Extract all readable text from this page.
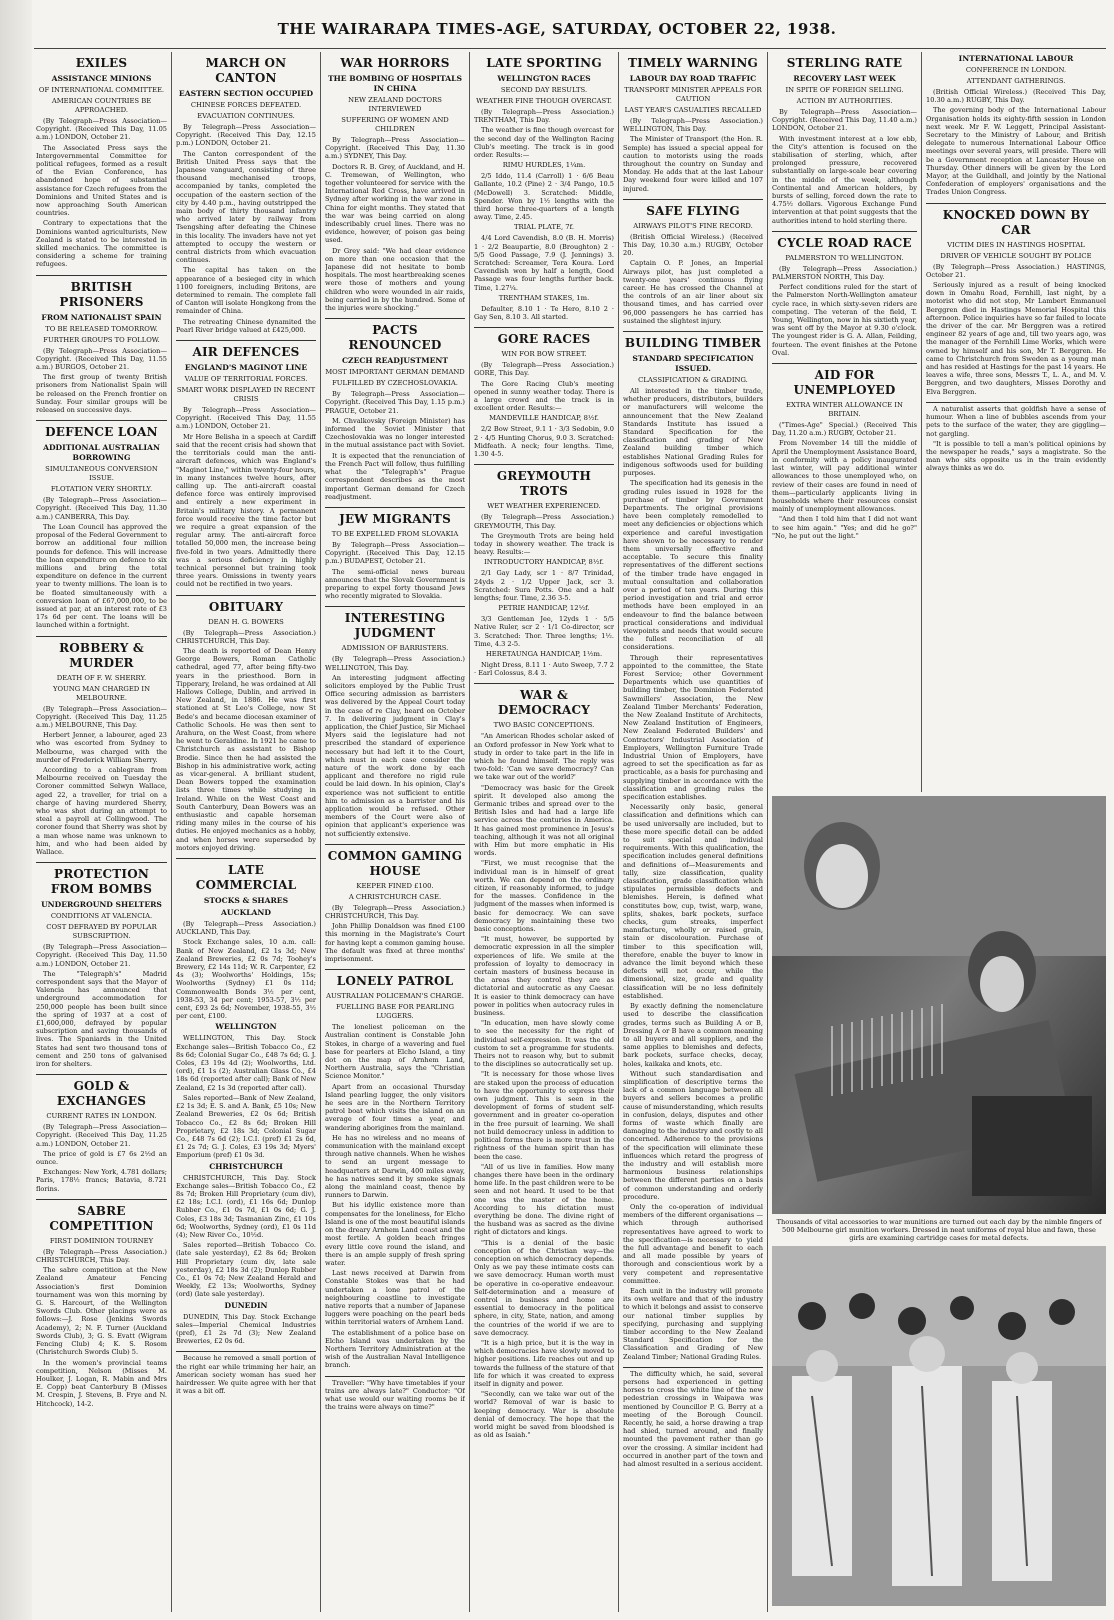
THE WAIRARAPA TIMES-AGE, SATURDAY, OCTOBER 22, 1938.
EXILES
ASSISTANCE MINIONS
OF INTERNATIONAL COMMITTEE.
AMERICAN COUNTRIES BE APPROACHED.

(By Telegraph—Press Association—Copyright. (Received This Day, 11.05 a.m.) LONDON, October 21.

The Associated Press says the Intergovernmental Committee for political refugees, formed as a result of the Evian Conference, has abandoned hope of substantial assistance for Czech refugees from the Dominions and United States and is now approaching South American countries.

Contrary to expectations that the Dominions wanted agriculturists, New Zealand is stated to be interested in skilled mechanics. The committee is considering a scheme for training refugees.

BRITISH PRISONERS
FROM NATIONALIST SPAIN
TO BE RELEASED TOMORROW.
FURTHER GROUPS TO FOLLOW.

(By Telegraph—Press Association—Copyright. (Received This Day, 11.55 a.m.) BURGOS, October 21.

The first group of twenty British prisoners from Nationalist Spain will be released on the French frontier on Sunday. Four similar groups will be released on successive days.

DEFENCE LOAN
ADDITIONAL AUSTRALIAN BORROWING
SIMULTANEOUS CONVERSION ISSUE.
FLOTATION VERY SHORTLY.

(By Telegraph—Press Association—Copyright. (Received This Day, 11.30 a.m.) CANBERRA, This Day.

The Loan Council has approved the proposal of the Federal Government to borrow an additional four million pounds for defence. This will increase the loan expenditure on defence to six millions and bring the total expenditure on defence in the current year to twenty millions. The loan is to be floated simultaneously with a conversion loan of £67,000,000, to be issued at par, at an interest rate of £3 17s 6d per cent. The loans will be launched within a fortnight.

ROBBERY & MURDER
DEATH OF F. W. SHERRY.
YOUNG MAN CHARGED IN MELBOURNE.

(By Telegraph—Press Association—Copyright. (Received This Day, 11.25 a.m.) MELBOURNE, This Day.

Herbert Jenner, a labourer, aged 23 who was escorted from Sydney to Melbourne, was charged with the murder of Frederick William Sherry.

According to a cablegram from Melbourne received on Tuesday the Coroner committed Selwyn Wallace, aged 22, a traveller, for trial on a charge of having murdered Sherry, who was shot during an attempt to steal a payroll at Collingwood. The coroner found that Sherry was shot by a man whose name was unknown to him, and who had been aided by Wallace.

PROTECTION FROM BOMBS
UNDERGROUND SHELTERS
CONDITIONS AT VALENCIA.
COST DEFRAYED BY POPULAR SUBSCRIPTION.

(By Telegraph—Press Association—Copyright. (Received This Day, 11.50 a.m.) LONDON, October 21.

The "Telegraph's" Madrid correspondent says that the Mayor of Valencia has announced that underground accommodation for 250,000 people has been built since the spring of 1937 at a cost of £1,600,000, defrayed by popular subscription and saving thousands of lives. The Spaniards in the United States had sent two thousand tons of cement and 250 tons of galvanised iron for shelters.

GOLD & EXCHANGES
CURRENT RATES IN LONDON.

(By Telegraph—Press Association—Copyright. (Received This Day, 11.25 a.m.) LONDON, October 21.

The price of gold is £7 6s 2½d an ounce.

Exchanges: New York, 4.781 dollars; Paris, 178½ francs; Batavia, 8.721 florins.

SABRE COMPETITION
FIRST DOMINION TOURNEY

(By Telegraph—Press Association.) CHRISTCHURCH, This Day.

The sabre competition at the New Zealand Amateur Fencing Association's first Dominion tournament was won this morning by G. S. Harcourt, of the Wellington Swords Club. Other placings were as follows:—J. Rose (Jenkins Swords Academy), 2; N. F. Turner (Auckland Swords Club), 3; G. S. Evatt (Wigram Fencing Club) 4; K. S. Rosom (Christchurch Swords Club) 5.

In the women's provincial teams competition, Nelson (Misses M. Houlker, J. Logan, R. Mabin and Mrs E. Copp) beat Canterbury B (Misses M. Crespin, J. Stevens, B. Frye and N. Hitchcock), 14-2.

MARCH ON CANTON
EASTERN SECTION OCCUPIED
CHINESE FORCES DEFEATED.
EVACUATION CONTINUES.

By Telegraph—Press Association—Copyright. (Received This Day, 12.15 p.m.) LONDON, October 21.

The Canton correspondent of the British United Press says that the Japanese vanguard, consisting of three thousand mechanised troops, accompanied by tanks, completed the occupation of the eastern section of the city by 4.40 p.m., having outstripped the main body of thirty thousand infantry who arrived later by railway from Tsengshing after defeating the Chinese in this locality. The invaders have not yet attempted to occupy the western or central districts from which evacuation continues.

The capital has taken on the appearance of a besieged city in which 1100 foreigners, including Britons, are determined to remain. The complete fall of Canton will isolate Hongkong from the remainder of China.

The retreating Chinese dynamited the Pearl River bridge valued at £425,000.

AIR DEFENCES
ENGLAND'S MAGINOT LINE
VALUE OF TERRITORIAL FORCES.
SMART WORK DISPLAYED IN RECENT CRISIS

By Telegraph—Press Association—Copyright. (Received This Day, 11.55 a.m.) LONDON, October 21.

Mr Hore Belisha in a speech at Cardiff said that the recent crisis had shown that the territorials could man the anti-aircraft defences, which was England's "Maginot Line," within twenty-four hours, in many instances twelve hours, after calling up. The anti-aircraft coastal defence force was entirely improvised and entirely a new experiment in Britain's military history. A permanent force would receive the time factor but we require a great expansion of the regular army. The anti-aircraft force totalled 50,000 men, the increase being five-fold in two years. Admittedly there was a serious deficiency in highly technical personnel but training took three years. Omissions in twenty years could not be rectified in two years.

OBITUARY
DEAN H. G. BOWERS

(By Telegraph—Press Association.) CHRISTCHURCH, This Day.

The death is reported of Dean Henry George Bowers, Roman Catholic cathedral, aged 77, after being fifty-two years in the priesthood. Born in Tipperary, Ireland, he was ordained at All Hallows College, Dublin, and arrived in New Zealand, in 1886. He was first stationed at St Leo's College, now St Bede's and became diocesan examiner of Catholic Schools. He was then sent to Arahura, on the West Coast, from where he went to Geraldine. In 1921 he came to Christchurch as assistant to Bishop Brodie. Since then he had assisted the Bishop in his administrative work, acting as vicar-general. A brilliant student, Dean Bowers topped the examination lists three times while studying in Ireland. While on the West Coast and South Canterbury, Dean Bowers was an enthusiastic and capable horseman riding many miles in the course of his duties. He enjoyed mechanics as a hobby, and when horses were superseded by motors enjoyed driving.

LATE COMMERCIAL
STOCKS & SHARES
AUCKLAND

(By Telegraph—Press Association.) AUCKLAND, This Day.

Stock Exchange sales, 10 a.m. call: Bank of New Zealand, £2 1s 3d; New Zealand Breweries, £2 0s 7d; Toohey's Brewery, £2 14s 11d; W. R. Carpenter, £2 4s (3); Woolworths' Holdings, 15s; Woolworths (Sydney) £1 0s 11d; Commonwealth Bonds 3½ per cent, 1938-53, 34 per cent; 1953-57, 3½ per cent, £93 2s 6d; November, 1938-55, 3½ per cent, £100.

WELLINGTON

WELLINGTON, This Day. Stock Exchange sales—British Tobacco Co., £2 8s 6d; Colonial Sugar Co., £48 7s 6d; G. J. Coles, £3 19s 4d (2); Woolworths, Ltd. (ord), £1 1s (2); Australian Glass Co., £4 18s 6d (reported after call); Bank of New Zealand, £2 1s 3d (reported after call).

Sales reported—Bank of New Zealand, £2 1s 3d; E. S. and A. Bank, £5 10s; New Zealand Breweries, £2 0s 6d; British Tobacco Co., £2 8s 6d; Broken Hill Proprietary, £2 18s 3d; Colonial Sugar Co., £48 7s 6d (2); I.C.I. (pref) £1 2s 6d, £1 2s 7d; G. J. Coles, £3 19s 3d; Myers' Emporium (pref) £1 0s 3d.

CHRISTCHURCH

CHRISTCHURCH, This Day. Stock Exchange sales—British Tobacco Co., £2 8s 7d; Broken Hill Proprietary (cum div), £2 18s; I.C.I. (ord), £1 16s 6d; Dunlop Rubber Co., £1 0s 7d, £1 0s 6d; G. J. Coles, £3 18s 3d; Tasmanian Zinc, £1 10s 6d; Woolworths, Sydney (ord), £1 0s 11d (4); New River Co., 10½d.

Sales reported—British Tobacco Co. (late sale yesterday), £2 8s 6d; Broken Hill Proprietary (cum div, late sale yesterday), £2 18s 3d (2); Dunlop Rubber Co., £1 0s 7d; New Zealand Herald and Weekly, £2 13s; Woolworths, Sydney (ord) (late sale yesterday).

DUNEDIN

DUNEDIN, This Day. Stock Exchange sales—Imperial Chemical Industries (pref), £1 2s 7d (3); New Zealand Breweries, £2 0s 6d.

Because he removed a small portion of the right ear while trimming her hair, an American society woman has sued her hairdresser. We quite agree with her that it was a bit off.

WAR HORRORS
THE BOMBING OF HOSPITALS IN CHINA
NEW ZEALAND DOCTORS INTERVIEWED
SUFFERING OF WOMEN AND CHILDREN

By Telegraph—Press Association—Copyright. (Received This Day, 11.30 a.m.) SYDNEY, This Day.

Doctors R. B. Grey, of Auckland, and H. C. Tremewan, of Wellington, who together volunteered for service with the International Red Cross, have arrived in Sydney after working in the war zone in China for eight months. They stated that the war was being carried on along indescribably cruel lines. There was no evidence, however, of poison gas being used.

Dr Grey said: "We had clear evidence on more than one occasion that the Japanese did not hesitate to bomb hospitals. The most heartbreaking scenes were those of mothers and young children who were wounded in air raids, being carried in by the hundred. Some of the injuries were shocking."

PACTS RENOUNCED
CZECH READJUSTMENT
MOST IMPORTANT GERMAN DEMAND
FULFILLED BY CZECHOSLOVAKIA.

By Telegraph—Press Association—Copyright. (Received This Day, 1.15 p.m.) PRAGUE, October 21.

M. Chvalkovsky (Foreign Minister) has informed the Soviet Minister that Czechoslovakia was no longer interested in the mutual assistance pact with Soviet.

It is expected that the renunciation of the French Pact will follow, thus fulfilling what the "Telegraph's" Prague correspondent describes as the most important German demand for Czech readjustment.

JEW MIGRANTS
TO BE EXPELLED FROM SLOVAKIA

By Telegraph—Press Association—Copyright. (Received This Day, 12.15 p.m.) BUDAPEST, October 21.

The semi-official news bureau announces that the Slovak Government is preparing to expel forty thousand Jews who recently migrated to Slovakia.

INTERESTING JUDGMENT
ADMISSION OF BARRISTERS.

(By Telegraph—Press Association.) WELLINGTON, This Day.

An interesting judgment affecting solicitors employed by the Public Trust Office securing admission as barristers was delivered by the Appeal Court today in the case of re Clay, heard on October 7. In delivering judgment in Clay's application, the Chief Justice, Sir Michael Myers said the legislature had not prescribed the standard of experience necessary but had left it to the Court, which must in each case consider the nature of the work done by each applicant and therefore no rigid rule could be laid down. In his opinion, Clay's experience was not sufficient to entitle him to admission as a barrister and his application would be refused. Other members of the Court were also of opinion that applicant's experience was not sufficiently extensive.

COMMON GAMING HOUSE
KEEPER FINED £100.
A CHRISTCHURCH CASE.

(By Telegraph—Press Association.) CHRISTCHURCH, This Day.

John Phillip Donaldson was fined £100 this morning in the Magistrate's Court for having kept a common gaming house. The default was fixed at three months' imprisonment.

LONELY PATROL
AUSTRALIAN POLICEMAN'S CHARGE.
FUELLING BASE FOR PEARLING LUGGERS.

The loneliest policeman on the Australian continent is Constable John Stokes, in charge of a wavering and fuel base for pearlers at Elcho Island, a tiny dot on the map of Arnhem Land, Northern Australia, says the "Christian Science Monitor."

Apart from an occasional Thursday Island pearling lugger, the only visitors he sees are in the Northern Territory patrol boat which visits the island on an average of four times a year, and wandering aborigines from the mainland.

He has no wireless and no means of communication with the mainland except through native channels. When he wishes to send an urgent message to headquarters at Darwin, 400 miles away, he has natives send it by smoke signals along the mainland coast, thence by runners to Darwin.

But his idyllic existence more than compensates for the loneliness, for Elcho Island is one of the most beautiful islands on the dreary Arnhem Land coast and the most fertile. A golden beach fringes every little cove round the island, and there is an ample supply of fresh spring water.

Last news received at Darwin from Constable Stokes was that he had undertaken a lone patrol of the neighbouring coastline to investigate native reports that a number of Japanese luggers were poaching on the pearl beds within territorial waters of Arnhem Land.

The establishment of a police base on Elcho Island was undertaken by the Northern Territory Administration at the wish of the Australian Naval Intelligence branch.

Traveller: "Why have timetables if your trains are always late?" Conductor: "Of what use would our waiting rooms be if the trains were always on time?"

LATE SPORTING
WELLINGTON RACES
SECOND DAY RESULTS.
WEATHER FINE THOUGH OVERCAST.

(By Telegraph—Press Association.) TRENTHAM, This Day.

The weather is fine though overcast for the second day of the Wellington Racing Club's meeting. The track is in good order. Results:—

RIMU HURDLES, 1¼m.

2/5 Iddo, 11.4 (Carroll) 1 · 6/6 Beau Gallante, 10.2 (Pine) 2 · 3/4 Pango, 10.5 (McDowell) 3. Scratched: Middle, Spender. Won by 1½ lengths with the third horse three-quarters of a length away. Time, 2.45.

TRIAL PLATE, 7f.

4/4 Lord Cavendish, 8.0 (B. H. Morris) 1 · 2/2 Beaupartie, 8.0 (Broughton) 2 · 5/5 Good Passage, 7.9 (J. Jennings) 3. Scratched: Screamer, Tera Koura. Lord Cavendish won by half a length, Good Passage was four lengths further back. Time, 1.27¼.

TRENTHAM STAKES, 1m.

Defaulter, 8.10 1 · Te Hero, 8.10 2 · Gay Sen, 8.10 3. All started.

GORE RACES
WIN FOR BOW STREET.

(By Telegraph—Press Association.) GORE, This Day.

The Gore Racing Club's meeting opened in sunny weather today. There is a large crowd and the track is in excellent order. Results:—

MANDEVILLE HANDICAP, 8½f.

2/2 Bow Street, 9.1 1 · 3/3 Sedobin, 9.0 2 · 4/5 Hunting Chorus, 9.0 3. Scratched: Midfeath. A neck; four lengths. Time, 1.30 4-5.

GREYMOUTH TROTS
WET WEATHER EXPERIENCED.

(By Telegraph—Press Association.) GREYMOUTH, This Day.

The Greymouth Trots are being held today in showery weather. The track is heavy. Results:—

INTRODUCTORY HANDICAP, 8½f.

2/1 Gay Lady, scr 1 · 8/7 Trinidad, 24yds 2 · 1/2 Upper Jack, scr 3. Scratched: Sura Potts. One and a half lengths; four. Time, 2.36 3-5.

PETRIE HANDICAP, 12½f.

3/3 Gentleman Jee, 12yds 1 · 5/5 Native Ruler, scr 2 · 1/1 Co-director, scr 3. Scratched: Thor. Three lengths; 1½. Time, 4.3 2-5.

HERETAUNGA HANDICAP, 1½m.

Night Dress, 8.11 1 · Auto Sweep, 7.7 2 · Earl Colossus, 8.4 3.

WAR & DEMOCRACY
TWO BASIC CONCEPTIONS.

"An American Rhodes scholar asked of an Oxford professor in New York what to study in order to take part in the life in which he found himself. The reply was two-fold: 'Can we save democracy? Can we take war out of the world?'

"Democracy was basic for the Greek spirit. It developed also among the Germanic tribes and spread over to the British Isles and had had a large life service across the centuries in America. It has gained most prominence in Jesus's teaching, although it was not all original with Him but more emphatic in His words.

"First, we must recognise that the individual man is in himself of great worth. We can depend on the ordinary citizen, if reasonably informed, to judge for the masses. Confidence in the judgment of the masses when informed is basic for democracy. We can save democracy by maintaining these two basic conceptions.

"It must, however, be supported by democratic expression in all the simpler experiences of life. We smile at the profession of loyalty to democracy in certain masters of business because in the areas they control they are as dictatorial and autocratic as any Caesar. It is easier to think democracy can have power in politics when autocracy rules in business.

"In education, men have slowly come to see the necessity for the right of individual self-expression. It was the old custom to set a programme for students. Theirs not to reason why, but to submit to the disciplines so autocratically set up.

"It is necessary for those whose lives are staked upon the process of education to have the opportunity to express their own judgment. This is seen in the development of forms of student self-government and in greater co-operation in the free pursuit of learning. We shall not build democracy unless in addition to political forms there is more trust in the rightness of the human spirit than has been the case.

"All of us live in families. How many changes there have been in the ordinary home life. In the past children were to be seen and not heard. It used to be that one was the master of the home. According to his dictation must everything be done. The divine right of the husband was as sacred as the divine right of dictators and kings.

"This is a denial of the basic conception of the Christian way—the conception on which democracy depends. Only as we pay these intimate costs can we save democracy. Human worth must be operative in co-operative endeavour. Self-determination and a measure of control in business and home are essential to democracy in the political sphere, in city, State, nation, and among the countries of the world if we are to save democracy.

"It is a high price, but it is the way in which democracies have slowly moved to higher positions. Life reaches out and up towards the fullness of the stature of that life for which it was created to express itself in dignity and power.

"Secondly, can we take war out of the world? Removal of war is basic to keeping democracy. War is absolute denial of democracy. The hope that the world might be saved from bloodshed is as old as Isaiah."

TIMELY WARNING
LABOUR DAY ROAD TRAFFIC
TRANSPORT MINISTER APPEALS FOR CAUTION
LAST YEAR'S CASUALTIES RECALLED

(By Telegraph—Press Association.) WELLINGTON, This Day.

The Minister of Transport (the Hon. R. Semple) has issued a special appeal for caution to motorists using the roads throughout the country on Sunday and Monday. He adds that at the last Labour Day weekend four were killed and 107 injured.

SAFE FLYING
AIRWAYS PILOT'S FINE RECORD.

(British Official Wireless.) (Received This Day, 10.30 a.m.) RUGBY, October 20.

Captain O. P. Jones, an Imperial Airways pilot, has just completed a twenty-one years' continuous flying career. He has crossed the Channel at the controls of an air liner about six thousand times, and has carried over 96,000 passengers he has carried has sustained the slightest injury.

BUILDING TIMBER
STANDARD SPECIFICATION ISSUED.
CLASSIFICATION & GRADING.

All interested in the timber trade, whether producers, distributors, builders or manufacturers will welcome the announcement that the New Zealand Standards Institute has issued a Standard Specification for the classification and grading of New Zealand building timber which establishes National Grading Rules for indigenous softwoods used for building purposes.

The specification had its genesis in the grading rules issued in 1928 for the purchase of timber by Government Departments. The original provisions have been completely remodelled to meet any deficiencies or objections which experience and careful investigation have shown to be necessary to render them universally effective and acceptable. To secure this finality representatives of the different sections of the timber trade have engaged in mutual consultation and collaboration over a period of ten years. During this period investigation and trial and error methods have been employed in an endeavour to find the balance between practical considerations and individual viewpoints and needs that would secure the fullest reconciliation of all considerations.

Through their representatives appointed to the committee, the State Forest Service; other Government Departments which use quantities of building timber, the Dominion Federated Sawmillers' Association, the New Zealand Timber Merchants' Federation, the New Zealand Institute of Architects, New Zealand Institution of Engineers, New Zealand Federated Builders' and Contractors' Industrial Association of Employers, Wellington Furniture Trade Industrial Union of Employers, have agreed to set the specification as far as practicable, as a basis for purchasing and supplying timber in accordance with the classification and grading rules the specification establishes.

Necessarily only basic, general classification and definitions which can be used universally are included, but to these more specific detail can be added to suit special and individual requirements. With this qualification, the specification includes general definitions and definitions of—Measurements and tally, size classification, quality classification, grade classification which stipulates permissible defects and blemishes. Herein, is defined what constitutes bow, cup, twist, warp, wane, splits, shakes, bark pockets, surface checks, gum streaks, imperfect manufacture, wholly or raised grain, stain or discolouration. Purchase of timber to this specification will, therefore, enable the buyer to know in advance the limit beyond which these defects will not occur, while the dimensional, size, grade and quality classification will be no less definitely established.

By exactly defining the nomenclature used to describe the classification grades, terms such as Building A or B, Dressing A or B have a common meaning to all buyers and all suppliers, and the same applies to blemishes and defects, bark pockets, surface checks, decay, holes, kaikaka and knots, etc.

Without such standardisation and simplification of descriptive terms the lack of a common language between all buyers and sellers becomes a prolific cause of misunderstanding, which results in confusion, delays, disputes and other forms of waste which finally are damaging to the industry and costly to all concerned. Adherence to the provisions of the specification will eliminate these influences which retard the progress of the industry and will establish more harmonious business relationships between the different parties on a basis of common understanding and orderly procedure.

Only the co-operation of individual members of the different organisations —which through authorised representatives have agreed to work to the specification—is necessary to yield the full advantage and benefit to each and all made possible by years of thorough and conscientious work by a very competent and representative committee.

Each unit in the industry will promote its own welfare and that of the industry to which it belongs and assist to conserve our national timber supplies by specifying, purchasing and supplying timber according to the New Zealand Standard Specification for the Classification and Grading of New Zealand Timber; National Grading Rules.

The difficulty which, he said, several persons had experienced in getting horses to cross the white line of the new pedestrian crossings in Waipawa was mentioned by Councillor P. G. Berry at a meeting of the Borough Council. Recently, he said, a horse drawing a trap had shied, turned around, and finally mounted the pavement rather than go over the crossing. A similar incident had occurred in another part of the town and had almost resulted in a serious accident.

STERLING RATE
RECOVERY LAST WEEK
IN SPITE OF FOREIGN SELLING.
ACTION BY AUTHORITIES.

By Telegraph—Press Association—Copyright. (Received This Day, 11.40 a.m.) LONDON, October 21.

With investment interest at a low ebb, the City's attention is focused on the stabilisation of sterling, which, after prolonged pressure, recovered substantially on large-scale bear covering in the middle of the week, although Continental and American holders, by bursts of selling, forced down the rate to 4.75½ dollars. Vigorous Exchange Fund intervention at that point suggests that the authorities intend to hold sterling there.

CYCLE ROAD RACE
PALMERSTON TO WELLINGTON.

(By Telegraph—Press Association.) PALMERSTON NORTH, This Day.

Perfect conditions ruled for the start of the Palmerston North-Wellington amateur cycle race, in which sixty-seven riders are competing. The veteran of the field, T. Young, Wellington, now in his sixtieth year, was sent off by the Mayor at 9.30 o'clock. The youngest rider is G. A. Allan, Feilding, fourteen. The event finishes at the Petone Oval.

AID FOR UNEMPLOYED
EXTRA WINTER ALLOWANCE IN BRITAIN.

("Times-Age" Special.) (Received This Day, 11.20 a.m.) RUGBY, October 21.

From November 14 till the middle of April the Unemployment Assistance Board, in conformity with a policy inaugurated last winter, will pay additional winter allowances to those unemployed who, on review of their cases are found in need of them—particularly applicants living in households where their resources consist mainly of unemployment allowances.

"And then I told him that I did not want to see him again." "Yes; and did he go?" "No, he put out the light."

INTERNATIONAL LABOUR
CONFERENCE IN LONDON.
ATTENDANT GATHERINGS.

(British Official Wireless.) (Received This Day, 10.30 a.m.) RUGBY, This Day.

The governing body of the International Labour Organisation holds its eighty-fifth session in London next week. Mr F. W. Leggett, Principal Assistant-Secretary to the Ministry of Labour, and British delegate to numerous International Labour Office meetings over several years, will preside. There will be a Government reception at Lancaster House on Thursday. Other dinners will be given by the Lord Mayor, at the Guildhall, and jointly by the National Confederation of employers' organisations and the Trades Union Congress.

KNOCKED DOWN BY CAR
VICTIM DIES IN HASTINGS HOSPITAL
DRIVER OF VEHICLE SOUGHT BY POLICE

(By Telegraph—Press Association.) HASTINGS, October 21.

Seriously injured as a result of being knocked down in Omahu Road, Fernhill, last night, by a motorist who did not stop, Mr Lambert Emmanuel Berggren died in Hastings Memorial Hospital this afternoon. Police inquiries have so far failed to locate the driver of the car. Mr Berggren was a retired engineer 82 years of age and, till two years ago, was the manager of the Fernhill Lime Works, which were owned by himself and his son, Mr T. Berggren. He came to Christchurch from Sweden as a young man and has resided at Hastings for the past 14 years. He leaves a wife, three sons, Messrs T., L. A., and M. V. Berggren, and two daughters, Misses Dorothy and Elva Berggren.

A naturalist asserts that goldfish have a sense of humour. When a line of bubbles ascends from your pets to the surface of the water, they are giggling—not gargling.

"It is possible to tell a man's political opinions by the newspaper he reads," says a magistrate. So the man who sits opposite us in the train evidently always thinks as we do.

Thousands of vital accessories to war munitions are turned out each day by the nimble fingers of 500 Melbourne girl munition workers. Dressed in neat uniforms of royal blue and fawn, these girls are examining cartridge cases for metal defects.
